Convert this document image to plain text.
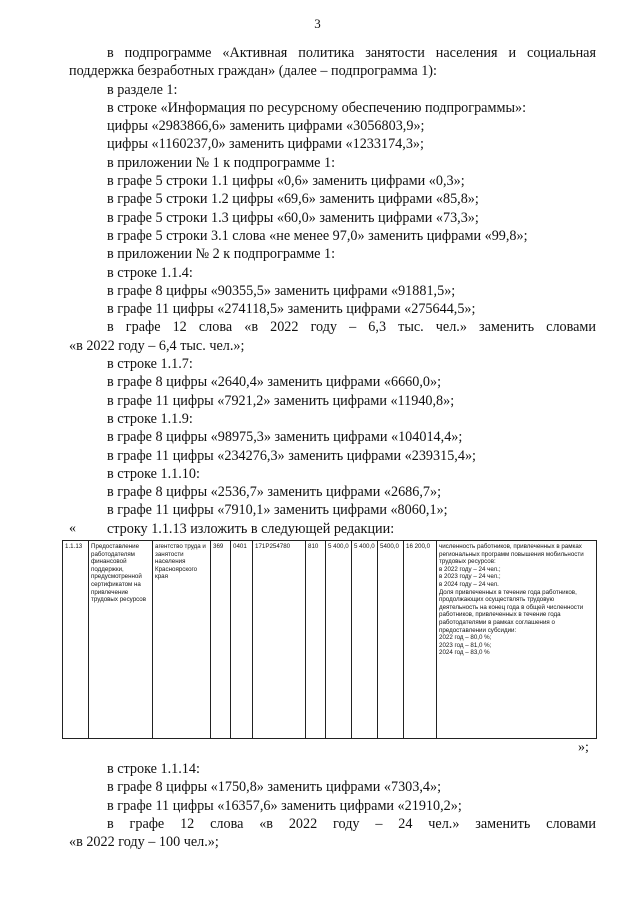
3

в подпрограмме «Активная политика занятости населения и социальная

поддержка безработных граждан» (далее – подпрограмма 1):

в разделе 1:

в строке «Информация по ресурсному обеспечению подпрограммы»:

цифры «2983866,6» заменить цифрами «3056803,9»;

цифры «1160237,0» заменить цифрами «1233174,3»;

в приложении № 1 к подпрограмме 1:

в графе 5 строки 1.1 цифры «0,6» заменить цифрами «0,3»;

в графе 5 строки 1.2 цифры «69,6» заменить цифрами «85,8»;

в графе 5 строки 1.3 цифры «60,0» заменить цифрами «73,3»;

в графе 5 строки 3.1 слова «не менее 97,0» заменить цифрами «99,8»;

в приложении № 2 к подпрограмме 1:

в строке 1.1.4:

в графе 8 цифры «90355,5» заменить цифрами «91881,5»;

в графе 11 цифры «274118,5» заменить цифрами «275644,5»;

в графе 12 слова «в 2022 году – 6,3 тыс. чел.» заменить словами

«в 2022 году – 6,4 тыс. чел.»;

в строке 1.1.7:

в графе 8 цифры «2640,4» заменить цифрами «6660,0»;

в графе 11 цифры «7921,2» заменить цифрами «11940,8»;

в строке 1.1.9:

в графе 8 цифры «98975,3» заменить цифрами «104014,4»;

в графе 11 цифры «234276,3» заменить цифрами «239315,4»;

в строке 1.1.10:

в графе 8 цифры «2536,7» заменить цифрами «2686,7»;

в графе 11 цифры «7910,1» заменить цифрами «8060,1»;

строку 1.1.13 изложить в следующей редакции:

«
1.1.13	Предоставление работодателям финансовой поддержки, предусмотренной сертификатом на привлечение трудовых ресурсов	агентство труда и занятости населения Красноярского края	369	0401	171P254780	810	5 400,0	5 400,0	5400,0	16 200,0	численность работников, привлеченных в рамках региональных программ повышения мобильности трудовых ресурсов:
в 2022 году – 24 чел.;
в 2023 году – 24 чел.;
в 2024 году – 24 чел.
Доля привлеченных в течение года работников, продолжающих осуществлять трудовую деятельность на конец года в общей численности работников, привлеченных в течение года работодателями в рамках соглашения о предоставлении субсидии:
2022 год – 80,0 %;
2023 год – 81,0 %;
2024 год – 83,0 %
»;

в строке 1.1.14:

в графе 8 цифры «1750,8» заменить цифрами «7303,4»;

в графе 11 цифры «16357,6» заменить цифрами «21910,2»;

в графе 12 слова «в 2022 году – 24 чел.» заменить словами

«в 2022 году – 100 чел.»;
